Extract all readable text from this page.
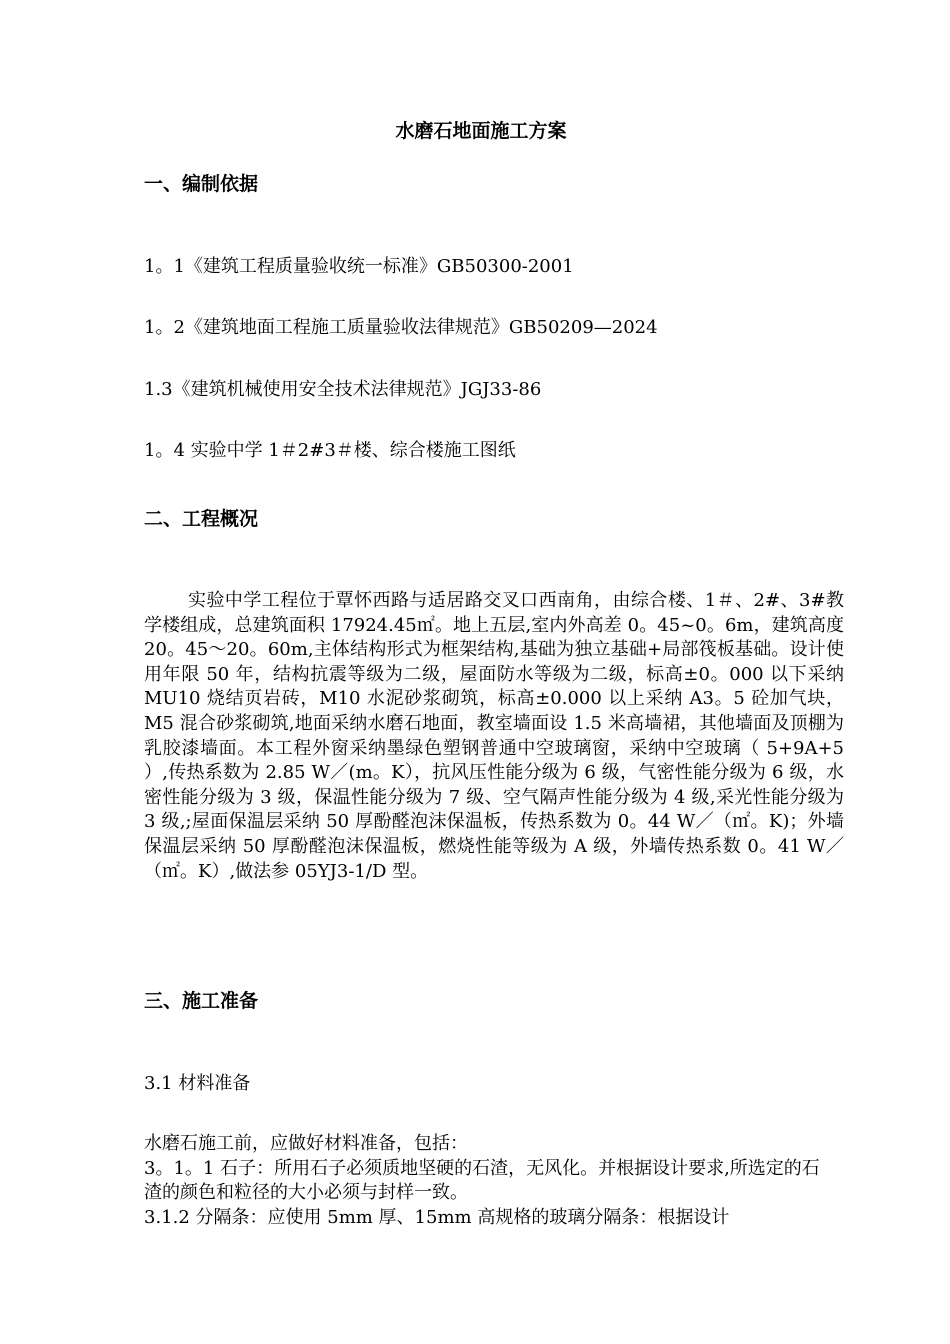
水磨石地面施工方案
一、编制依据
1。1《建筑工程质量验收统一标准》GB50300-2001
1。2《建筑地面工程施工质量验收法律规范》GB50209—2024
1.3《建筑机械使用安全技术法律规范》JGJ33-86
1。4 实验中学 1＃2#3＃楼、综合楼施工图纸
二、工程概况
实验中学工程位于覃怀西路与适居路交叉口西南角，由综合楼、1＃、2#、3#教学楼组成，总建筑面积 17924.45㎡。地上五层,室内外高差 0。45~0。6m，建筑高度 20。45～20。60m,主体结构形式为框架结构,基础为独立基础+局部筏板基础。设计使用年限 50 年，结构抗震等级为二级，屋面防水等级为二级，标高±0。000 以下采纳 MU10 烧结页岩砖，M10 水泥砂浆砌筑，标高±0.000 以上采纳 A3。5 砼加气块，M5 混合砂浆砌筑,地面采纳水磨石地面，教室墙面设 1.5 米高墙裙，其他墙面及顶棚为乳胶漆墙面。本工程外窗采纳墨绿色塑钢普通中空玻璃窗，采纳中空玻璃（ 5+9A+5 ）,传热系数为 2.85 W／(m。K），抗风压性能分级为 6 级，气密性能分级为 6 级，水密性能分级为 3 级，保温性能分级为 7 级、空气隔声性能分级为 4 级,采光性能分级为 3 级,;屋面保温层采纳 50 厚酚醛泡沫保温板，传热系数为 0。44 W／（㎡。K)；外墙保温层采纳 50 厚酚醛泡沫保温板，燃烧性能等级为 A 级，外墙传热系数 0。41 W／（㎡。K）,做法参 05YJ3-1/D 型。
三、施工准备
3.1 材料准备
水磨石施工前，应做好材料准备，包括：
3。1。1 石子：所用石子必须质地坚硬的石渣，无风化。并根据设计要求,所选定的石渣的颜色和粒径的大小必须与封样一致。
3.1.2 分隔条：应使用 5mm 厚、15mm 高规格的玻璃分隔条：根据设计
